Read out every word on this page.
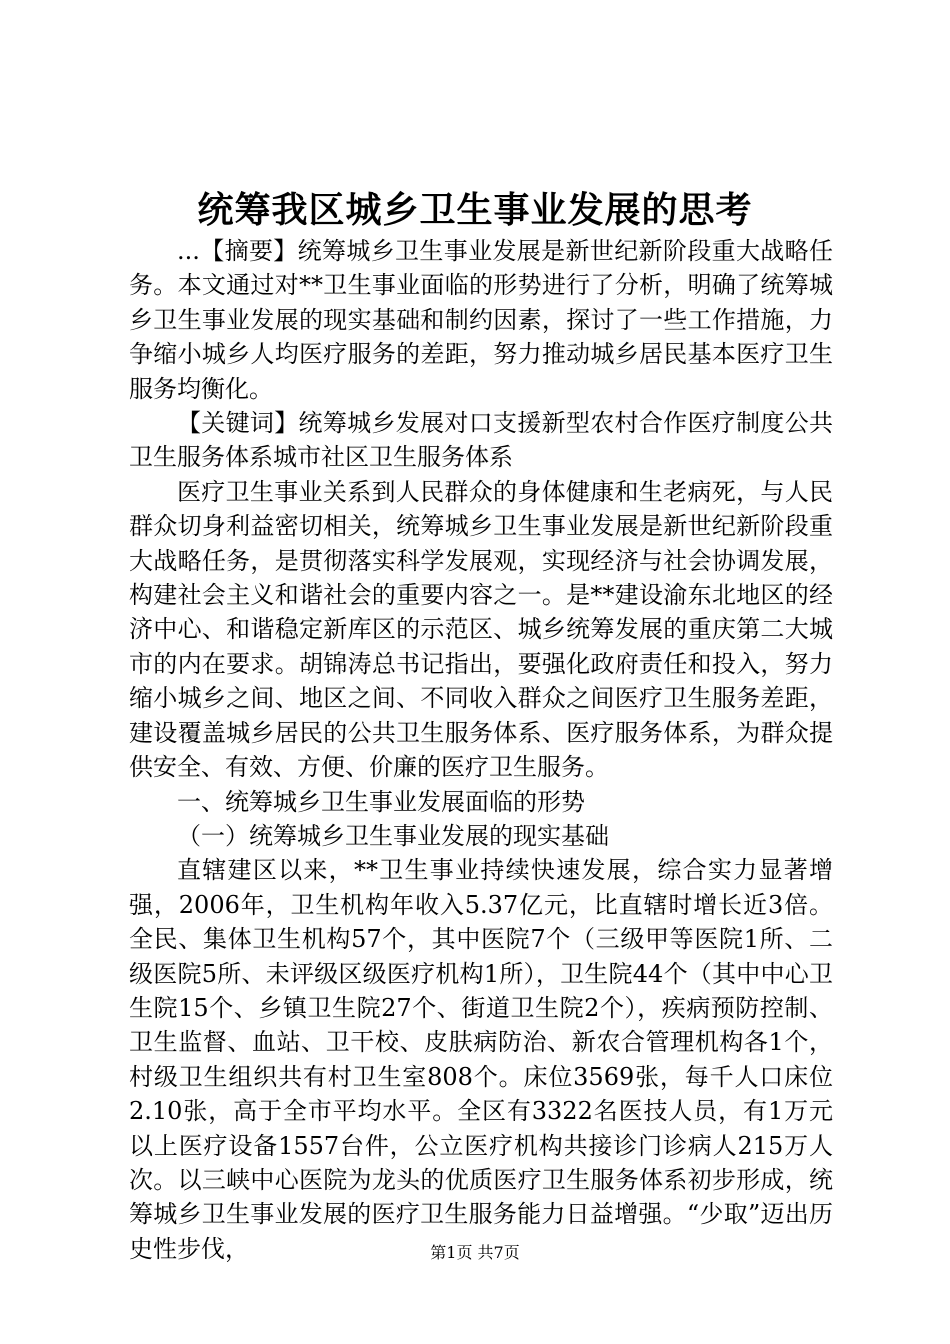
统筹我区城乡卫生事业发展的思考

...【摘要】统筹城乡卫生事业发展是新世纪新阶段重大战略任务。本文通过对**卫生事业面临的形势进行了分析，明确了统筹城乡卫生事业发展的现实基础和制约因素，探讨了一些工作措施，力争缩小城乡人均医疗服务的差距，努力推动城乡居民基本医疗卫生服务均衡化。

【关键词】统筹城乡发展对口支援新型农村合作医疗制度公共卫生服务体系城市社区卫生服务体系

医疗卫生事业关系到人民群众的身体健康和生老病死，与人民群众切身利益密切相关，统筹城乡卫生事业发展是新世纪新阶段重大战略任务，是贯彻落实科学发展观，实现经济与社会协调发展，构建社会主义和谐社会的重要内容之一。是**建设渝东北地区的经济中心、和谐稳定新库区的示范区、城乡统筹发展的重庆第二大城市的内在要求。胡锦涛总书记指出，要强化政府责任和投入，努力缩小城乡之间、地区之间、不同收入群众之间医疗卫生服务差距，建设覆盖城乡居民的公共卫生服务体系、医疗服务体系，为群众提供安全、有效、方便、价廉的医疗卫生服务。

一、统筹城乡卫生事业发展面临的形势

（一）统筹城乡卫生事业发展的现实基础

直辖建区以来，**卫生事业持续快速发展，综合实力显著增强，2006年，卫生机构年收入5.37亿元，比直辖时增长近3倍。全民、集体卫生机构57个，其中医院7个（三级甲等医院1所、二级医院5所、未评级区级医疗机构1所），卫生院44个（其中中心卫生院15个、乡镇卫生院27个、街道卫生院2个），疾病预防控制、卫生监督、血站、卫干校、皮肤病防治、新农合管理机构各1个，村级卫生组织共有村卫生室808个。床位3569张，每千人口床位2.10张，高于全市平均水平。全区有3322名医技人员，有1万元以上医疗设备1557台件，公立医疗机构共接诊门诊病人215万人次。以三峡中心医院为龙头的优质医疗卫生服务体系初步形成，统筹城乡卫生事业发展的医疗卫生服务能力日益增强。“少取”迈出历史性步伐，	第1页 共7页
